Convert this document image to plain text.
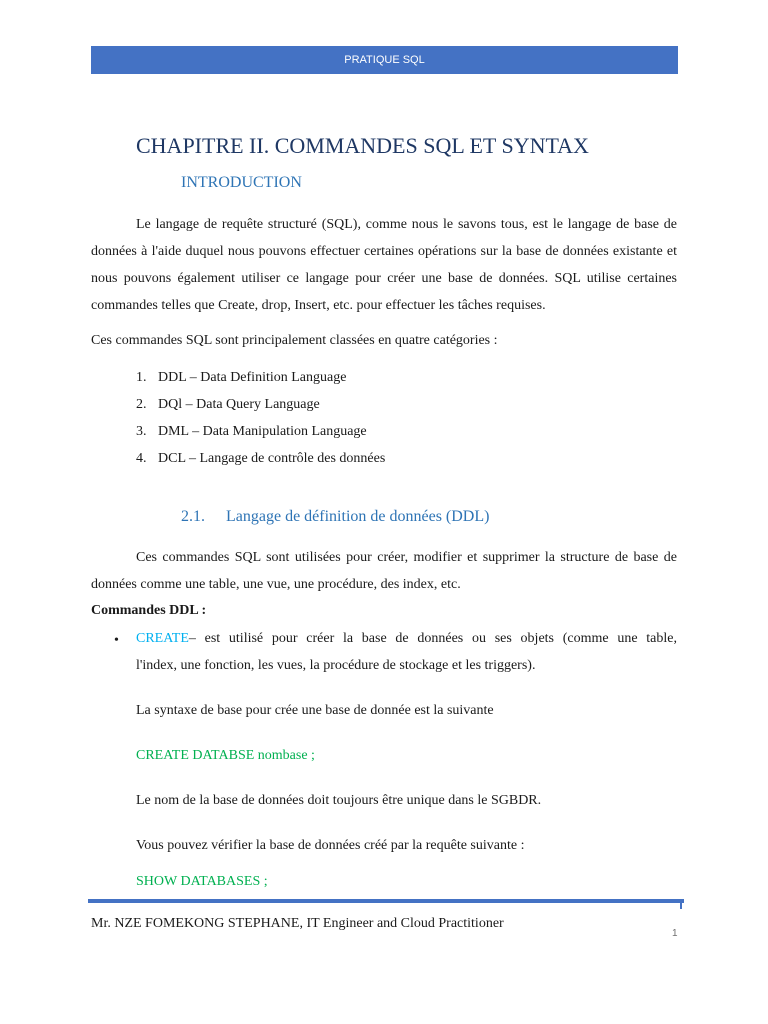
PRATIQUE SQL
CHAPITRE II. COMMANDES SQL ET SYNTAX
INTRODUCTION
Le langage de requête structuré (SQL), comme nous le savons tous, est le langage de base de données à l'aide duquel nous pouvons effectuer certaines opérations sur la base de données existante et nous pouvons également utiliser ce langage pour créer une base de données. SQL utilise certaines commandes telles que Create, drop, Insert, etc. pour effectuer les tâches requises.
Ces commandes SQL sont principalement classées en quatre catégories :
1. DDL – Data Definition Language
2. DQl – Data Query Language
3. DML – Data Manipulation Language
4. DCL – Langage de contrôle des données
2.1. Langage de définition de données (DDL)
Ces commandes SQL sont utilisées pour créer, modifier et supprimer la structure de base de données comme une table, une vue, une procédure, des index, etc.
Commandes DDL :
• CREATE– est utilisé pour créer la base de données ou ses objets (comme une table,
l'index, une fonction, les vues, la procédure de stockage et les triggers).
La syntaxe de base pour crée une base de donnée est la suivante
CREATE DATABSE nombase ;
Le nom de la base de données doit toujours être unique dans le SGBDR.
Vous pouvez vérifier la base de données créé par la requête suivante :
SHOW DATABASES ;
Mr. NZE FOMEKONG STEPHANE, IT Engineer and Cloud Practitioner
1
